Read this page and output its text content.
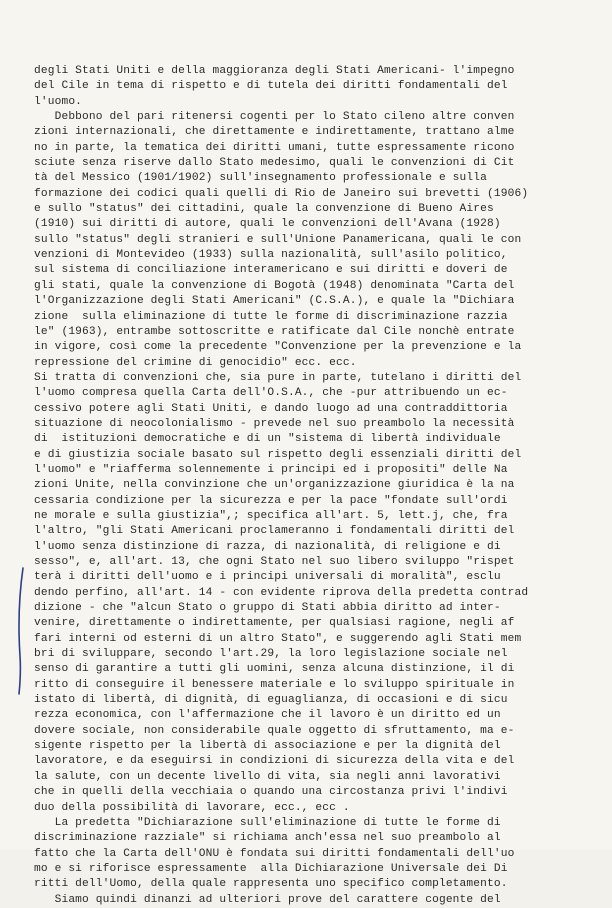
degli Stati Uniti e della maggioranza degli Stati Americani- l'impegno
del Cile in tema di rispetto e di tutela dei diritti fondamentali del
l'uomo.
Debbono del pari ritenersi cogenti per lo Stato cileno altre conven
zioni internazionali, che direttamente e indirettamente, trattano alme
no in parte, la tematica dei diritti umani, tutte espressamente ricono
sciute senza riserve dallo Stato medesimo, quali le convenzioni di Cit
tà del Messico (1901/1902) sull'insegnamento professionale e sulla
formazione dei codici quali quelli di Rio de Janeiro sui brevetti (1906)
e sullo "status" dei cittadini, quale la convenzione di Bueno Aires
(1910) sui diritti di autore, quali le convenzioni dell'Avana (1928)
sullo "status" degli stranieri e sull'Unione Panamericana, quali le con
venzioni di Montevideo (1933) sulla nazionalità, sull'asilo politico,
sul sistema di conciliazione interamericano e sui diritti e doveri de
gli stati, quale la convenzione di Bogotà (1948) denominata "Carta del
l'Organizzazione degli Stati Americani" (C.S.A.), e quale la "Dichiara
zione  sulla eliminazione di tutte le forme di discriminazione razzia
le" (1963), entrambe sottoscritte e ratificate dal Cile nonchè entrate
in vigore, così come la precedente "Convenzione per la prevenzione e la
repressione del crimine di genocidio" ecc. ecc.
Si tratta di convenzioni che, sia pure in parte, tutelano i diritti del
l'uomo compresa quella Carta dell'O.S.A., che -pur attribuendo un ec-
cessivo potere agli Stati Uniti, e dando luogo ad una contraddittoria
situazione di neocolonialismo - prevede nel suo preambolo la necessità
di  istituzioni democratiche e di un "sistema di libertà individuale
e di giustizia sociale basato sul rispetto degli essenziali diritti del
l'uomo" e "riafferma solennemente i principi ed i propositi" delle Na
zioni Unite, nella convinzione che un'organizzazione giuridica è la na
cessaria condizione per la sicurezza e per la pace "fondate sull'ordi
ne morale e sulla giustizia",; specifica all'art. 5, lett.j, che, fra
l'altro, "gli Stati Americani proclameranno i fondamentali diritti del
l'uomo senza distinzione di razza, di nazionalità, di religione e di
sesso", e, all'art. 13, che ogni Stato nel suo libero sviluppo "rispet
terà i diritti dell'uomo e i principi universali di moralità", esclu
dendo perfino, all'art. 14 - con evidente riprova della predetta contrad
dizione - che "alcun Stato o gruppo di Stati abbia diritto ad inter-
venire, direttamente o indirettamente, per qualsiasi ragione, negli af
fari interni od esterni di un altro Stato", e suggerendo agli Stati mem
bri di sviluppare, secondo l'art.29, la loro legislazione sociale nel
senso di garantire a tutti gli uomini, senza alcuna distinzione, il di
ritto di conseguire il benessere materiale e lo sviluppo spirituale in
istato di libertà, di dignità, di eguaglianza, di occasioni e di sicu
rezza economica, con l'affermazione che il lavoro è un diritto ed un
dovere sociale, non considerabile quale oggetto di sfruttamento, ma e-
sigente rispetto per la libertà di associazione e per la dignità del
lavoratore, e da eseguirsi in condizioni di sicurezza della vita e del
la salute, con un decente livello di vita, sia negli anni lavorativi
che in quelli della vecchiaia o quando una circostanza privi l'indivi
duo della possibilità di lavorare, ecc., ecc .
La predetta "Dichiarazione sull'eliminazione di tutte le forme di
discriminazione razziale" si richiama anch'essa nel suo preambolo al
fatto che la Carta dell'ONU è fondata sui diritti fondamentali dell'uo
mo e si riforisce espressamente  alla Dichiarazione Universale dei Di
ritti dell'Uomo, della quale rappresenta uno specifico completamento.
Siamo quindi dinanzi ad ulteriori prove del carattere cogente del
